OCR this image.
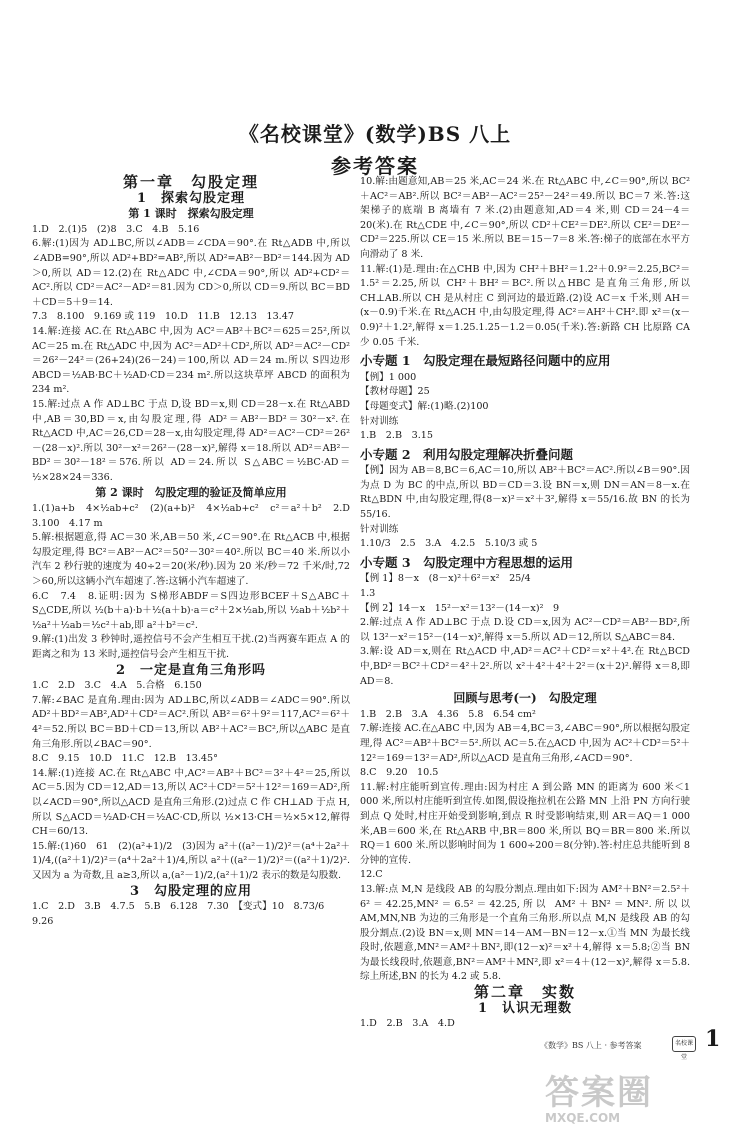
《名校课堂》(数学)BS 八上
参考答案
第一章　勾股定理
1　探索勾股定理
第 1 课时　探索勾股定理

1.D　2.(1)5　(2)8　3.C　4.B　5.16

6.解:(1)因为 AD⊥BC,所以∠ADB＝∠CDA＝90°.在 Rt△ADB 中,所以∠ADB=90°,所以 AD²+BD²=AB²,所以 AD²=AB²－BD²＝144.因为 AD＞0,所以 AD＝12.(2)在 Rt△ADC 中,∠CDA＝90°,所以 AD²+CD²＝AC².所以 CD²＝AC²－AD²＝81.因为 CD＞0,所以 CD＝9.所以 BC＝BD＋CD＝5＋9＝14.

7.3　8.100　9.169 或 119　10.D　11.B　12.13　13.47

14.解:连接 AC.在 Rt△ABC 中,因为 AC²＝AB²＋BC²＝625＝25²,所以 AC＝25 m.在 Rt△ADC 中,因为 AC²＝AD²＋CD²,所以 AD²＝AC²－CD²＝26²－24²＝(26+24)(26－24)＝100,所以 AD＝24 m.所以 S四边形ABCD＝½AB·BC＋½AD·CD＝234 m².所以这块草坪 ABCD 的面积为 234 m².

15.解:过点 A 作 AD⊥BC 于点 D,设 BD＝x,则 CD＝28－x.在 Rt△ABD 中,AB＝30,BD＝x,由勾股定理,得 AD²＝AB²－BD²＝30²－x².在 Rt△ACD 中,AC＝26,CD＝28－x,由勾股定理,得 AD²＝AC²－CD²＝26²－(28－x)².所以 30²－x²＝26²－(28－x)²,解得 x＝18.所以 AD²＝AB²－BD²＝30²－18²＝576.所以 AD＝24.所以 S△ABC＝½BC·AD＝½×28×24＝336.

第 2 课时　勾股定理的验证及简单应用

1.(1)a+b　4×½ab+c²　(2)(a+b)²　4×½ab+c²　c²＝a²＋b²　2.D　3.100　4.17 m

5.解:根据题意,得 AC＝30 米,AB＝50 米,∠C＝90°.在 Rt△ACB 中,根据勾股定理,得 BC²＝AB²－AC²＝50²－30²＝40².所以 BC＝40 米.所以小汽车 2 秒行驶的速度为 40÷2＝20(米/秒).因为 20 米/秒＝72 千米/时,72＞60,所以这辆小汽车超速了.答:这辆小汽车超速了.

6.C　7.4　8.证明:因为 S梯形ABDF＝S四边形BCEF＋S△ABC＋S△CDE,所以 ½(b＋a)·b＋½(a＋b)·a＝c²＋2×½ab,所以 ½ab＋½b²＋½a²＋½ab＝½c²＋ab,即 a²＋b²＝c².

9.解:(1)出发 3 秒钟时,遥控信号不会产生相互干扰.(2)当两赛车距点 A 的距离之和为 13 米时,遥控信号会产生相互干扰.

2　一定是直角三角形吗

1.C　2.D　3.C　4.A　5.合格　6.150

7.解:∠BAC 是直角.理由:因为 AD⊥BC,所以∠ADB＝∠ADC＝90°.所以 AD²＋BD²＝AB²,AD²＋CD²＝AC².所以 AB²＝6²＋9²＝117,AC²＝6²＋4²＝52.所以 BC＝BD＋CD＝13,所以 AB²＋AC²＝BC²,所以△ABC 是直角三角形.所以∠BAC＝90°.

8.C　9.15　10.D　11.C　12.B　13.45°

14.解:(1)连接 AC.在 Rt△ABC 中,AC²＝AB²＋BC²＝3²＋4²＝25,所以 AC＝5.因为 CD＝12,AD＝13,所以 AC²＋CD²＝5²＋12²＝169＝AD²,所以∠ACD＝90°,所以△ACD 是直角三角形.(2)过点 C 作 CH⊥AD 于点 H,所以 S△ACD＝½AD·CH＝½AC·CD,所以 ½×13·CH＝½×5×12,解得 CH＝60/13.

15.解:(1)60　61　(2)(a²+1)/2　(3)因为 a²＋((a²－1)/2)²＝(a⁴＋2a²＋1)/4,((a²＋1)/2)²＝(a⁴＋2a²＋1)/4,所以 a²＋((a²－1)/2)²＝((a²＋1)/2)².又因为 a 为奇数,且 a≥3,所以 a,(a²－1)/2,(a²＋1)/2 表示的数是勾股数.

3　勾股定理的应用

1.C　2.D　3.B　4.7.5　5.B　6.128　7.30　【变式】10　8.73/6

9.26

10.解:由题意知,AB＝25 米,AC＝24 米.在 Rt△ABC 中,∠C＝90°,所以 BC²＋AC²＝AB².所以 BC²＝AB²－AC²＝25²－24²＝49.所以 BC＝7 米.答:这架梯子的底端 B 离墙有 7 米.(2)由题意知,AD＝4 米,则 CD＝24－4＝20(米).在 Rt△CDE 中,∠C＝90°,所以 CD²＋CE²＝DE².所以 CE²＝DE²－CD²＝225.所以 CE＝15 米.所以 BE＝15－7＝8 米.答:梯子的底部在水平方向滑动了 8 米.

11.解:(1)是.理由:在△CHB 中,因为 CH²＋BH²＝1.2²＋0.9²＝2.25,BC²＝1.5²＝2.25,所以 CH²＋BH²＝BC².所以△HBC 是直角三角形,所以 CH⊥AB.所以 CH 是从村庄 C 到河边的最近路.(2)设 AC＝x 千米,则 AH＝(x－0.9)千米.在 Rt△ACH 中,由勾股定理,得 AC²＝AH²＋CH².即 x²＝(x－0.9)²＋1.2²,解得 x＝1.25.1.25－1.2＝0.05(千米).答:新路 CH 比原路 CA 少 0.05 千米.

小专题 1　勾股定理在最短路径问题中的应用

【例】1 000

【教材母题】25

【母题变式】解:(1)略.(2)100

针对训练

1.B　2.B　3.15

小专题 2　利用勾股定理解决折叠问题

【例】因为 AB＝8,BC＝6,AC＝10,所以 AB²＋BC²＝AC².所以∠B＝90°.因为点 D 为 BC 的中点,所以 BD＝CD＝3.设 BN＝x,则 DN＝AN＝8－x.在 Rt△BDN 中,由勾股定理,得(8－x)²＝x²＋3²,解得 x＝55/16.故 BN 的长为 55/16.

针对训练

1.10/3　2.5　3.A　4.2.5　5.10/3 或 5

小专题 3　勾股定理中方程思想的运用

【例 1】8－x　(8－x)²＋6²＝x²　25/4

1.3

【例 2】14－x　15²－x²＝13²－(14－x)²　9

2.解:过点 A 作 AD⊥BC 于点 D.设 CD＝x,因为 AC²－CD²＝AB²－BD²,所以 13²－x²＝15²－(14－x)²,解得 x＝5.所以 AD＝12,所以 S△ABC＝84.

3.解:设 AD＝x,则在 Rt△ACD 中,AD²＝AC²＋CD²＝x²＋4².在 Rt△BCD 中,BD²＝BC²＋CD²＝4²＋2².所以 x²＋4²＋4²＋2²＝(x＋2)².解得 x＝8,即 AD＝8.

回顾与思考(一)　勾股定理

1.B　2.B　3.A　4.36　5.8　6.54 cm²

7.解:连接 AC.在△ABC 中,因为 AB＝4,BC＝3,∠ABC＝90°,所以根据勾股定理,得 AC²＝AB²＋BC²＝5².所以 AC＝5.在△ACD 中,因为 AC²＋CD²＝5²＋12²＝169＝13²＝AD²,所以△ACD 是直角三角形,∠ACD＝90°.

8.C　9.20　10.5

11.解:村庄能听到宣传.理由:因为村庄 A 到公路 MN 的距离为 600 米＜1 000 米,所以村庄能听到宣传.如图,假设拖拉机在公路 MN 上沿 PN 方向行驶到点 Q 处时,村庄开始受到影响,到点 R 时受影响结束,则 AR＝AQ＝1 000 米,AB＝600 米,在 Rt△ARB 中,BR＝800 米,所以 BQ＝BR＝800 米.所以 RQ＝1 600 米.所以影响时间为 1 600÷200＝8(分钟).答:村庄总共能听到 8 分钟的宣传.

12.C

13.解:点 M,N 是线段 AB 的勾股分割点.理由如下:因为 AM²＋BN²＝2.5²＋6²＝42.25,MN²＝6.5²＝42.25,所以 AM²＋BN²＝MN².所以以 AM,MN,NB 为边的三角形是一个直角三角形.所以点 M,N 是线段 AB 的勾股分割点.(2)设 BN＝x,则 MN＝14－AM－BN＝12－x.①当 MN 为最长线段时,依题意,MN²＝AM²＋BN²,即(12－x)²＝x²＋4,解得 x＝5.8;②当 BN 为最长线段时,依题意,BN²＝AM²＋MN²,即 x²＝4＋(12－x)²,解得 x＝5.8.综上所述,BN 的长为 4.2 或 5.8.

第二章　实数
1　认识无理数

1.D　2.B　3.A　4.D

名校课堂
《数学》BS 八上 · 参考答案	1
答案圈
MXQE.COM
